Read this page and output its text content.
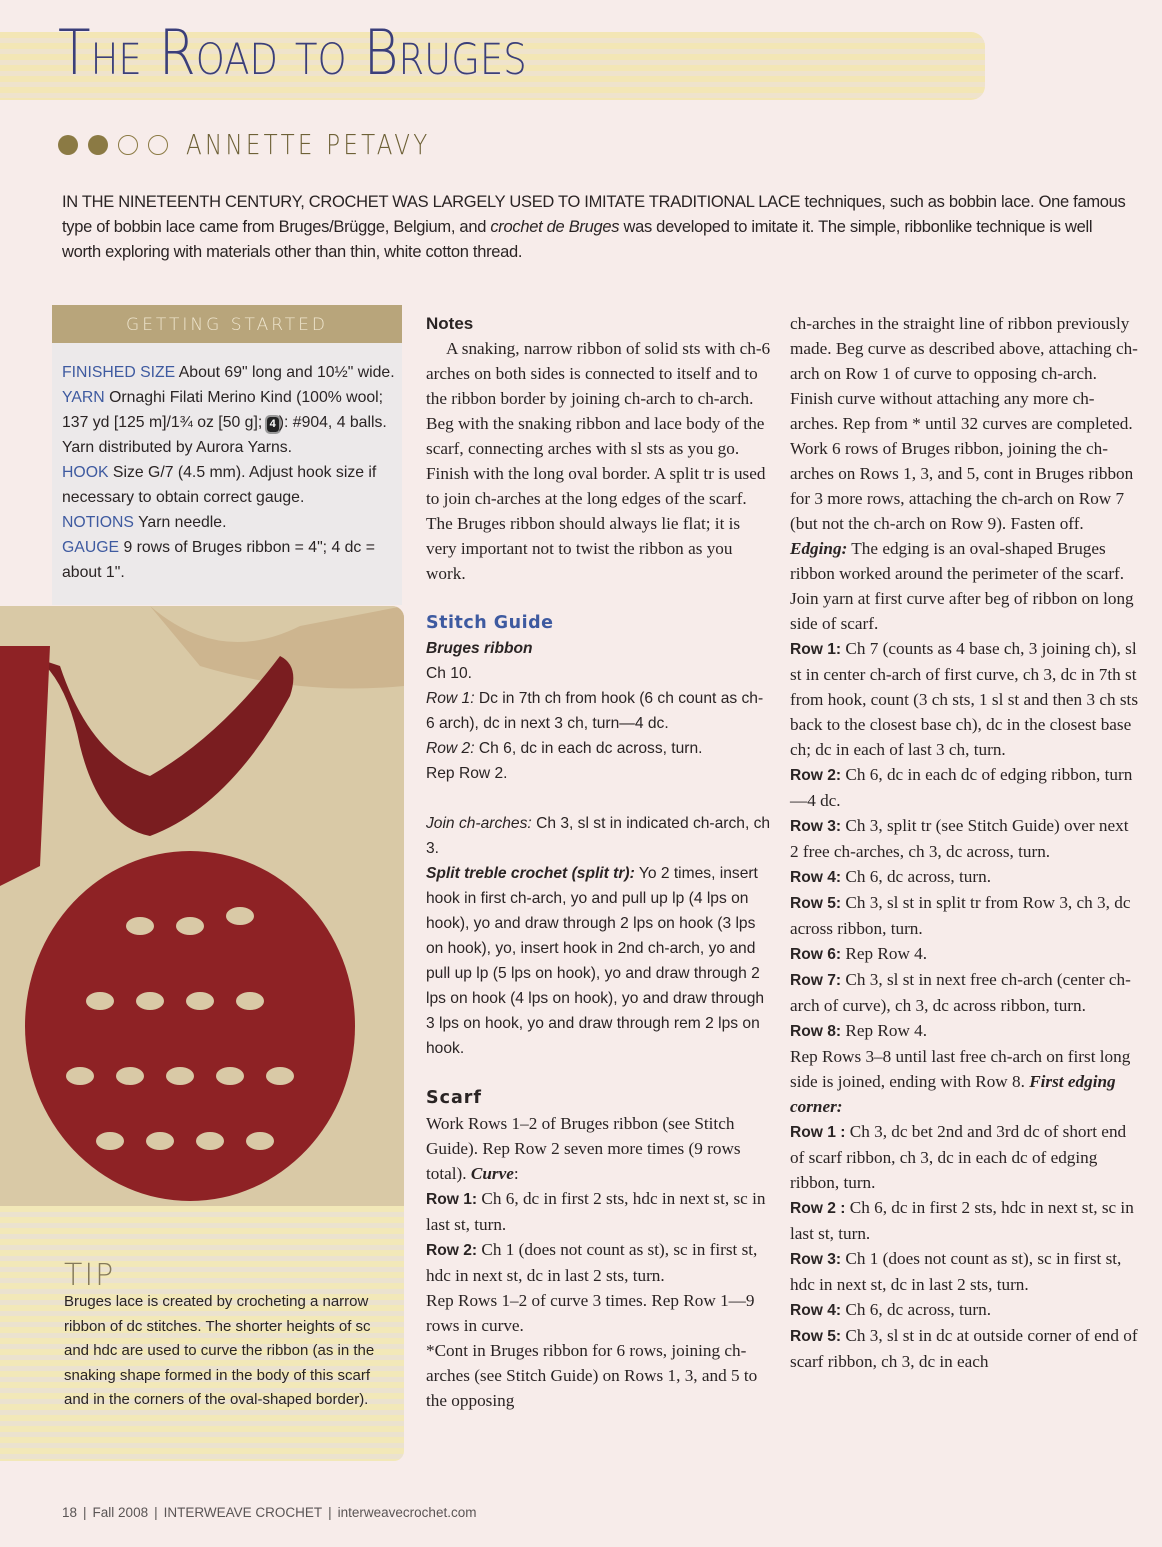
The Road to Bruges
ANNETTE PETAVY
IN THE NINETEENTH CENTURY, CROCHET WAS LARGELY USED TO IMITATE TRADITIONAL LACE techniques, such as bobbin lace. One famous type of bobbin lace came from Bruges/Brügge, Belgium, and crochet de Bruges was developed to imitate it. The simple, ribbonlike technique is well worth exploring with materials other than thin, white cotton thread.
GETTING STARTED

FINISHED SIZE About 69" long and 10½" wide.

YARN Ornaghi Filati Merino Kind (100% wool; 137 yd [125 m]/1¾ oz [50 g]; 4 ): #904, 4 balls. Yarn distributed by Aurora Yarns.

HOOK Size G/7 (4.5 mm). Adjust hook size if necessary to obtain correct gauge.

NOTIONS Yarn needle.

GAUGE 9 rows of Bruges ribbon = 4"; 4 dc = about 1".

TIP
Bruges lace is created by crocheting a narrow ribbon of dc stitches. The shorter heights of sc and hdc are used to curve the ribbon (as in the snaking shape formed in the body of this scarf and in the corners of the oval-shaped border).

Notes

A snaking, narrow ribbon of solid sts with ch-6 arches on both sides is connected to itself and to the ribbon border by joining ch-arch to ch-arch. Beg with the snaking ribbon and lace body of the scarf, connecting arches with sl sts as you go. Finish with the long oval border. A split tr is used to join ch-arches at the long edges of the scarf. The Bruges ribbon should always lie flat; it is very important not to twist the ribbon as you work.

Stitch Guide

Bruges ribbon

Ch 10.

Row 1: Dc in 7th ch from hook (6 ch count as ch-6 arch), dc in next 3 ch, turn—4 dc.

Row 2: Ch 6, dc in each dc across, turn.

Rep Row 2.

Join ch-arches: Ch 3, sl st in indicated ch-arch, ch 3.

Split treble crochet (split tr): Yo 2 times, insert hook in first ch-arch, yo and pull up lp (4 lps on hook), yo and draw through 2 lps on hook (3 lps on hook), yo, insert hook in 2nd ch-arch, yo and pull up lp (5 lps on hook), yo and draw through 2 lps on hook (4 lps on hook), yo and draw through 3 lps on hook, yo and draw through rem 2 lps on hook.

Scarf

Work Rows 1–2 of Bruges ribbon (see Stitch Guide). Rep Row 2 seven more times (9 rows total). Curve:

Row 1: Ch 6, dc in first 2 sts, hdc in next st, sc in last st, turn.

Row 2: Ch 1 (does not count as st), sc in first st, hdc in next st, dc in last 2 sts, turn.

Rep Rows 1–2 of curve 3 times. Rep Row 1—9 rows in curve.

*Cont in Bruges ribbon for 6 rows, joining ch-arches (see Stitch Guide) on Rows 1, 3, and 5 to the opposing

ch-arches in the straight line of ribbon previously made. Beg curve as described above, attaching ch-arch on Row 1 of curve to opposing ch-arch. Finish curve without attaching any more ch-arches. Rep from * until 32 curves are completed. Work 6 rows of Bruges ribbon, joining the ch-arches on Rows 1, 3, and 5, cont in Bruges ribbon for 3 more rows, attaching the ch-arch on Row 7 (but not the ch-arch on Row 9). Fasten off.

Edging: The edging is an oval-shaped Bruges ribbon worked around the perimeter of the scarf. Join yarn at first curve after beg of ribbon on long side of scarf.

Row 1: Ch 7 (counts as 4 base ch, 3 joining ch), sl st in center ch-arch of first curve, ch 3, dc in 7th st from hook, count (3 ch sts, 1 sl st and then 3 ch sts back to the closest base ch), dc in the closest base ch; dc in each of last 3 ch, turn.

Row 2: Ch 6, dc in each dc of edging ribbon, turn—4 dc.

Row 3: Ch 3, split tr (see Stitch Guide) over next 2 free ch-arches, ch 3, dc across, turn.

Row 4: Ch 6, dc across, turn.

Row 5: Ch 3, sl st in split tr from Row 3, ch 3, dc across ribbon, turn.

Row 6: Rep Row 4.

Row 7: Ch 3, sl st in next free ch-arch (center ch-arch of curve), ch 3, dc across ribbon, turn.

Row 8: Rep Row 4.

Rep Rows 3–8 until last free ch-arch on first long side is joined, ending with Row 8. First edging corner:

Row 1 : Ch 3, dc bet 2nd and 3rd dc of short end of scarf ribbon, ch 3, dc in each dc of edging ribbon, turn.

Row 2 : Ch 6, dc in first 2 sts, hdc in next st, sc in last st, turn.

Row 3: Ch 1 (does not count as st), sc in first st, hdc in next st, dc in last 2 sts, turn.

Row 4: Ch 6, dc across, turn.

Row 5: Ch 3, sl st in dc at outside corner of end of scarf ribbon, ch 3, dc in each

18 | Fall 2008 | INTERWEAVE CROCHET | interweavecrochet.com
